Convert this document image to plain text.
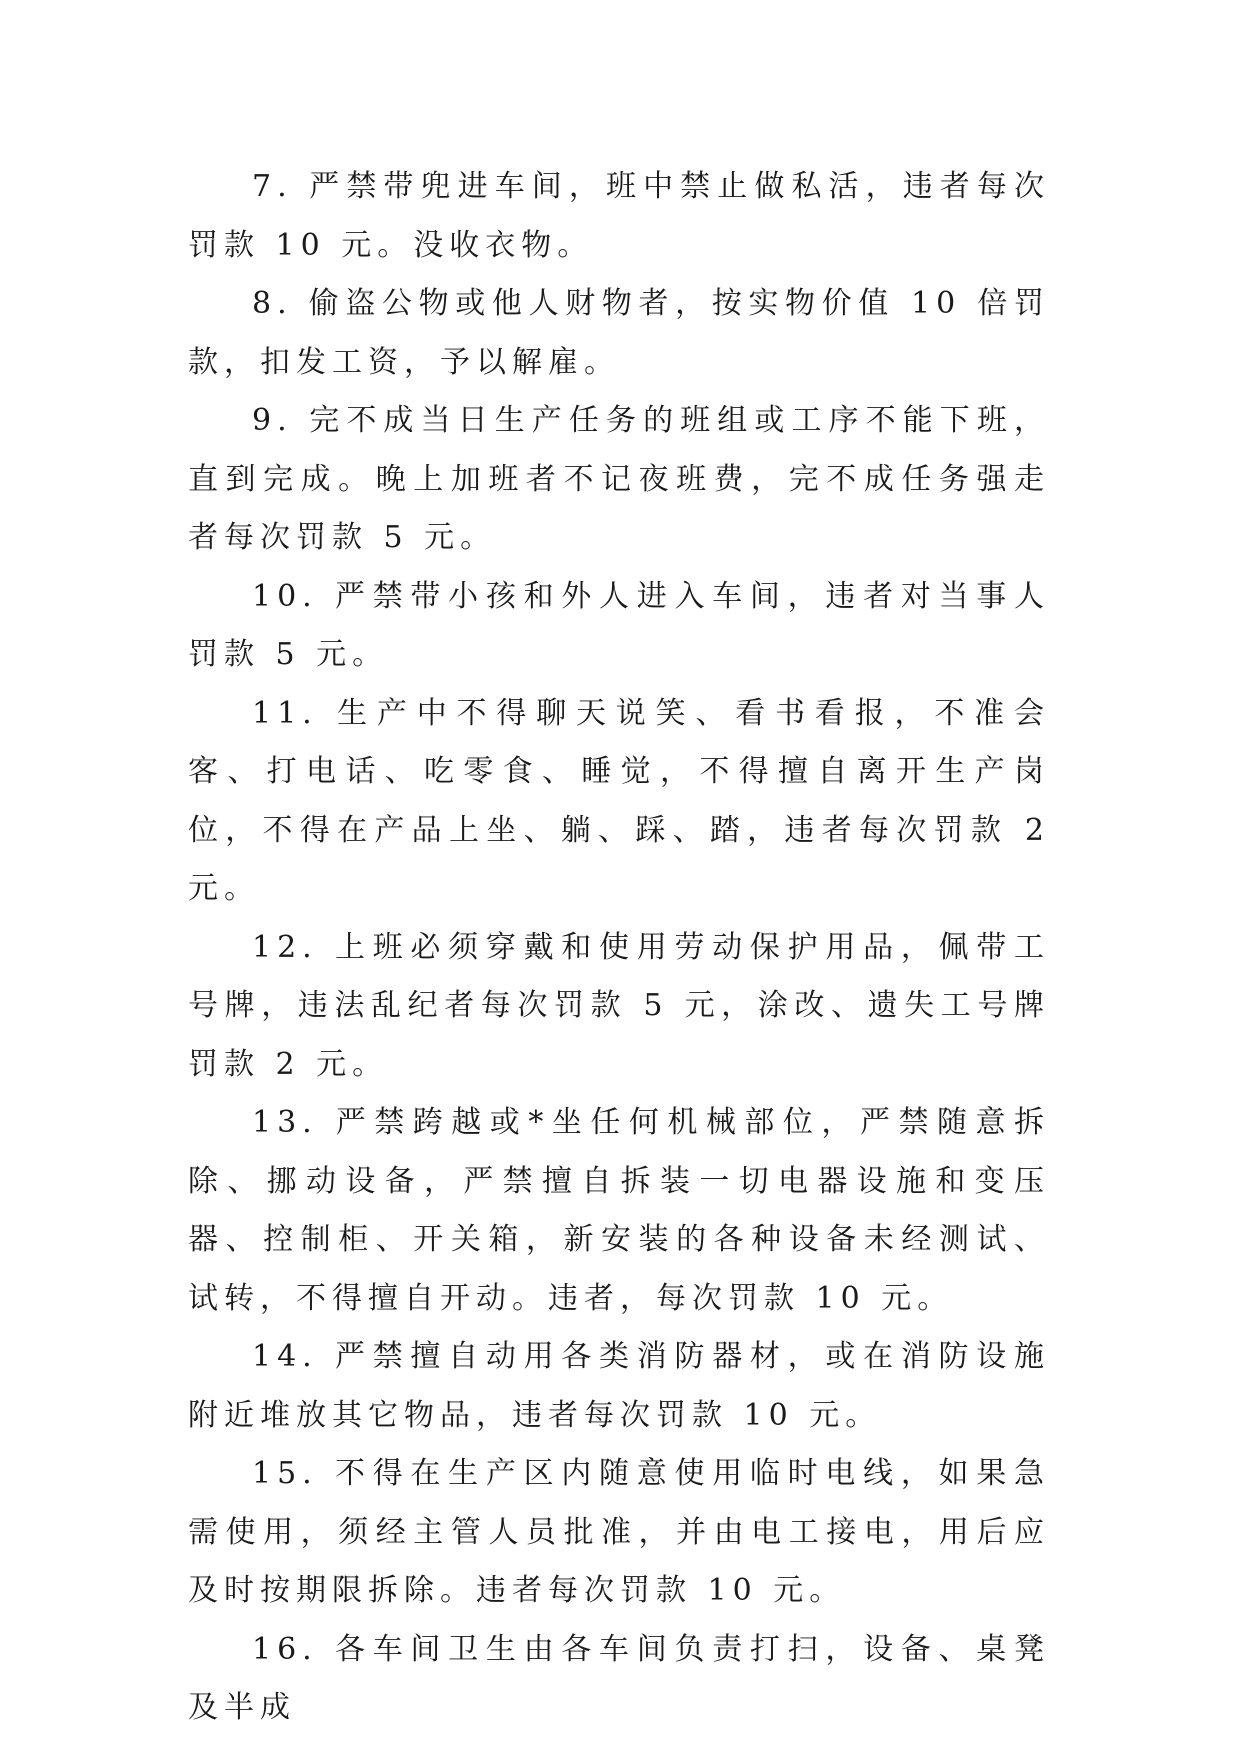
7. 严禁带兜进车间，班中禁止做私活，违者每次罚款 10 元。没收衣物。

8. 偷盗公物或他人财物者，按实物价值 10 倍罚款，扣发工资，予以解雇。

9. 完不成当日生产任务的班组或工序不能下班，直到完成。晚上加班者不记夜班费，完不成任务强走者每次罚款 5 元。

10. 严禁带小孩和外人进入车间，违者对当事人罚款 5 元。

11. 生产中不得聊天说笑、看书看报，不准会客、打电话、吃零食、睡觉，不得擅自离开生产岗位，不得在产品上坐、躺、踩、踏，违者每次罚款 2 元。

12. 上班必须穿戴和使用劳动保护用品，佩带工号牌，违法乱纪者每次罚款 5 元，涂改、遗失工号牌罚款 2 元。

13. 严禁跨越或*坐任何机械部位，严禁随意拆除、挪动设备，严禁擅自拆装一切电器设施和变压器、控制柜、开关箱，新安装的各种设备未经测试、试转，不得擅自开动。违者，每次罚款 10 元。

14. 严禁擅自动用各类消防器材，或在消防设施附近堆放其它物品，违者每次罚款 10 元。

15. 不得在生产区内随意使用临时电线，如果急需使用，须经主管人员批准，并由电工接电，用后应及时按期限拆除。违者每次罚款 10 元。

16. 各车间卫生由各车间负责打扫，设备、桌凳及半成
